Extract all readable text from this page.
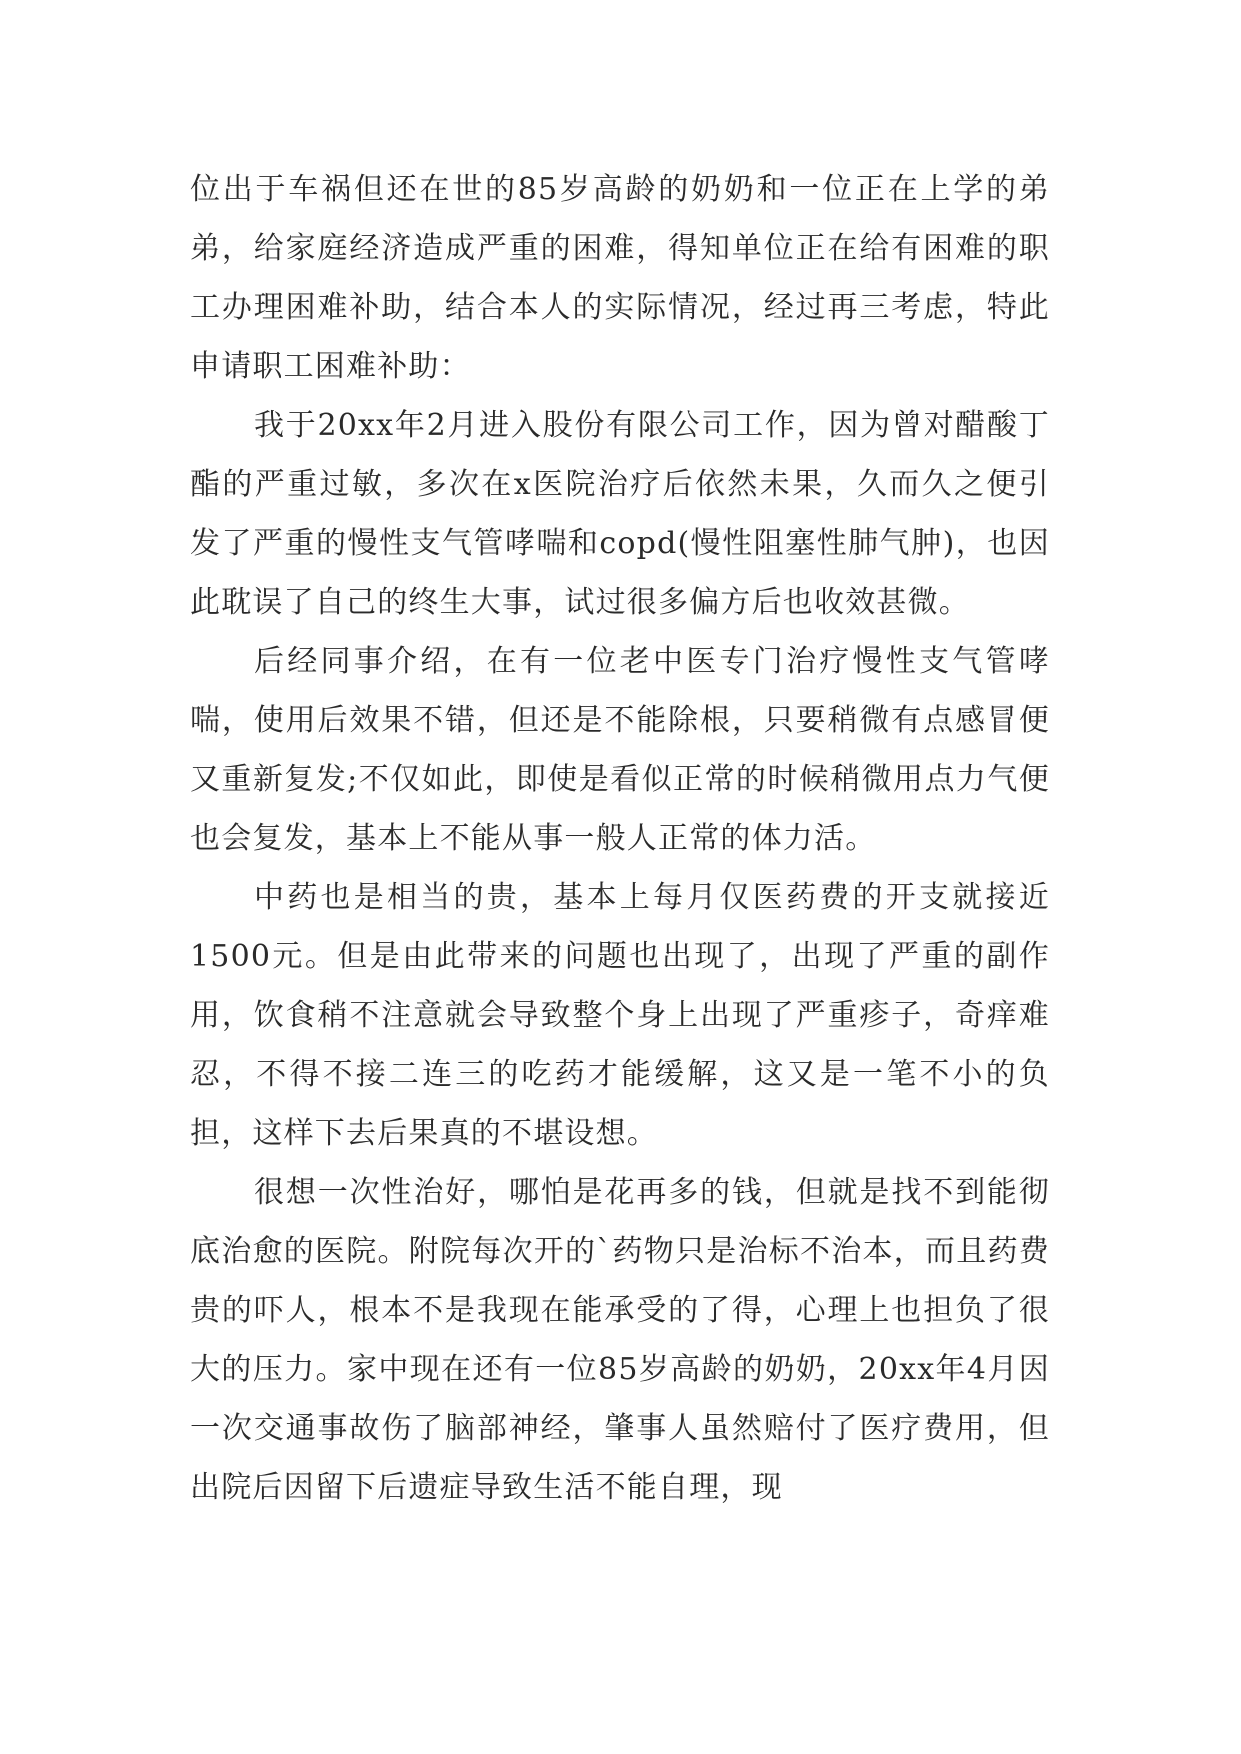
位出于车祸但还在世的85岁高龄的奶奶和一位正在上学的弟弟，给家庭经济造成严重的困难，得知单位正在给有困难的职工办理困难补助，结合本人的实际情况，经过再三考虑，特此申请职工困难补助：

我于20xx年2月进入股份有限公司工作，因为曾对醋酸丁酯的严重过敏，多次在x医院治疗后依然未果，久而久之便引发了严重的慢性支气管哮喘和copd(慢性阻塞性肺气肿)，也因此耽误了自己的终生大事，试过很多偏方后也收效甚微。

后经同事介绍，在有一位老中医专门治疗慢性支气管哮喘，使用后效果不错，但还是不能除根，只要稍微有点感冒便又重新复发;不仅如此，即使是看似正常的时候稍微用点力气便也会复发，基本上不能从事一般人正常的体力活。

中药也是相当的贵，基本上每月仅医药费的开支就接近1500元。但是由此带来的问题也出现了，出现了严重的副作用，饮食稍不注意就会导致整个身上出现了严重疹子，奇痒难忍，不得不接二连三的吃药才能缓解，这又是一笔不小的负担，这样下去后果真的不堪设想。

很想一次性治好，哪怕是花再多的钱，但就是找不到能彻底治愈的医院。附院每次开的`药物只是治标不治本，而且药费贵的吓人，根本不是我现在能承受的了得，心理上也担负了很大的压力。家中现在还有一位85岁高龄的奶奶，20xx年4月因一次交通事故伤了脑部神经，肇事人虽然赔付了医疗费用，但出院后因留下后遗症导致生活不能自理，现
